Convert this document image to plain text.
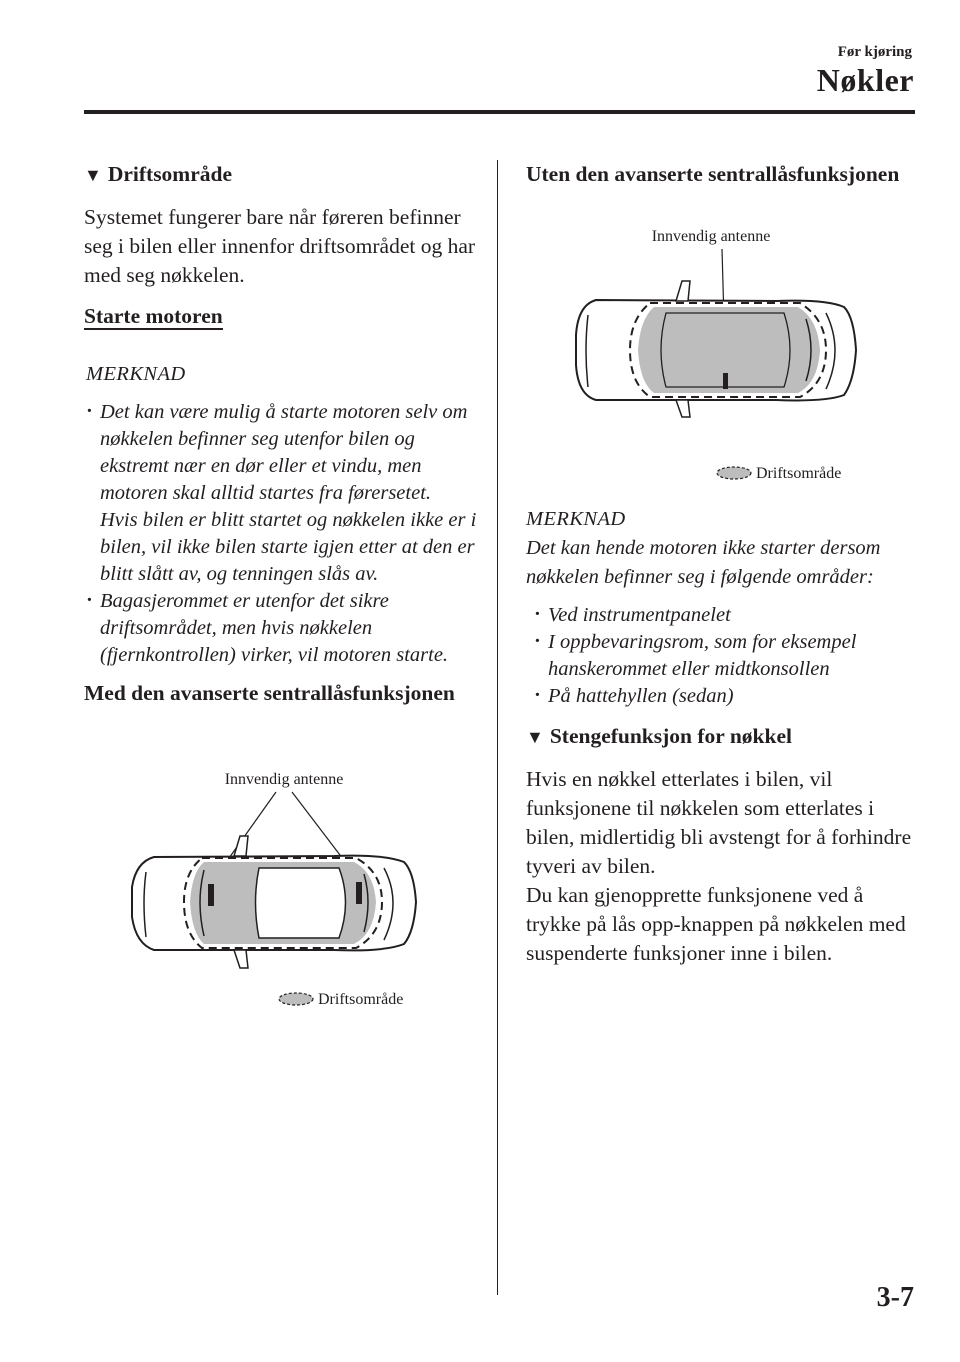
Før kjøring
Nøkler
▼ Driftsområde

Systemet fungerer bare når føreren befinner seg i bilen eller innenfor driftsområdet og har med seg nøkkelen.

Starte motoren
MERKNAD
· Det kan være mulig å starte motoren selv om nøkkelen befinner seg utenfor bilen og ekstremt nær en dør eller et vindu, men motoren skal alltid startes fra førersetet.
Hvis bilen er blitt startet og nøkkelen ikke er i bilen, vil ikke bilen starte igjen etter at den er blitt slått av, og tenningen slås av.
· Bagasjerommet er utenfor det sikre driftsområdet, men hvis nøkkelen (fjernkontrollen) virker, vil motoren starte.
Med den avanserte sentrallåsfunksjonen
Innvendig antenne
Driftsområde
Uten den avanserte sentrallåsfunksjonen
Innvendig antenne
Driftsområde
MERKNAD
Det kan hende motoren ikke starter dersom nøkkelen befinner seg i følgende områder:
· Ved instrumentpanelet
· I oppbevaringsrom, som for eksempel hanskerommet eller midtkonsollen
· På hattehyllen (sedan)
▼ Stengefunksjon for nøkkel

Hvis en nøkkel etterlates i bilen, vil funksjonene til nøkkelen som etterlates i bilen, midlertidig bli avstengt for å forhindre tyveri av bilen.

Du kan gjenopprette funksjonene ved å trykke på lås opp-knappen på nøkkelen med suspenderte funksjoner inne i bilen.

3-7
